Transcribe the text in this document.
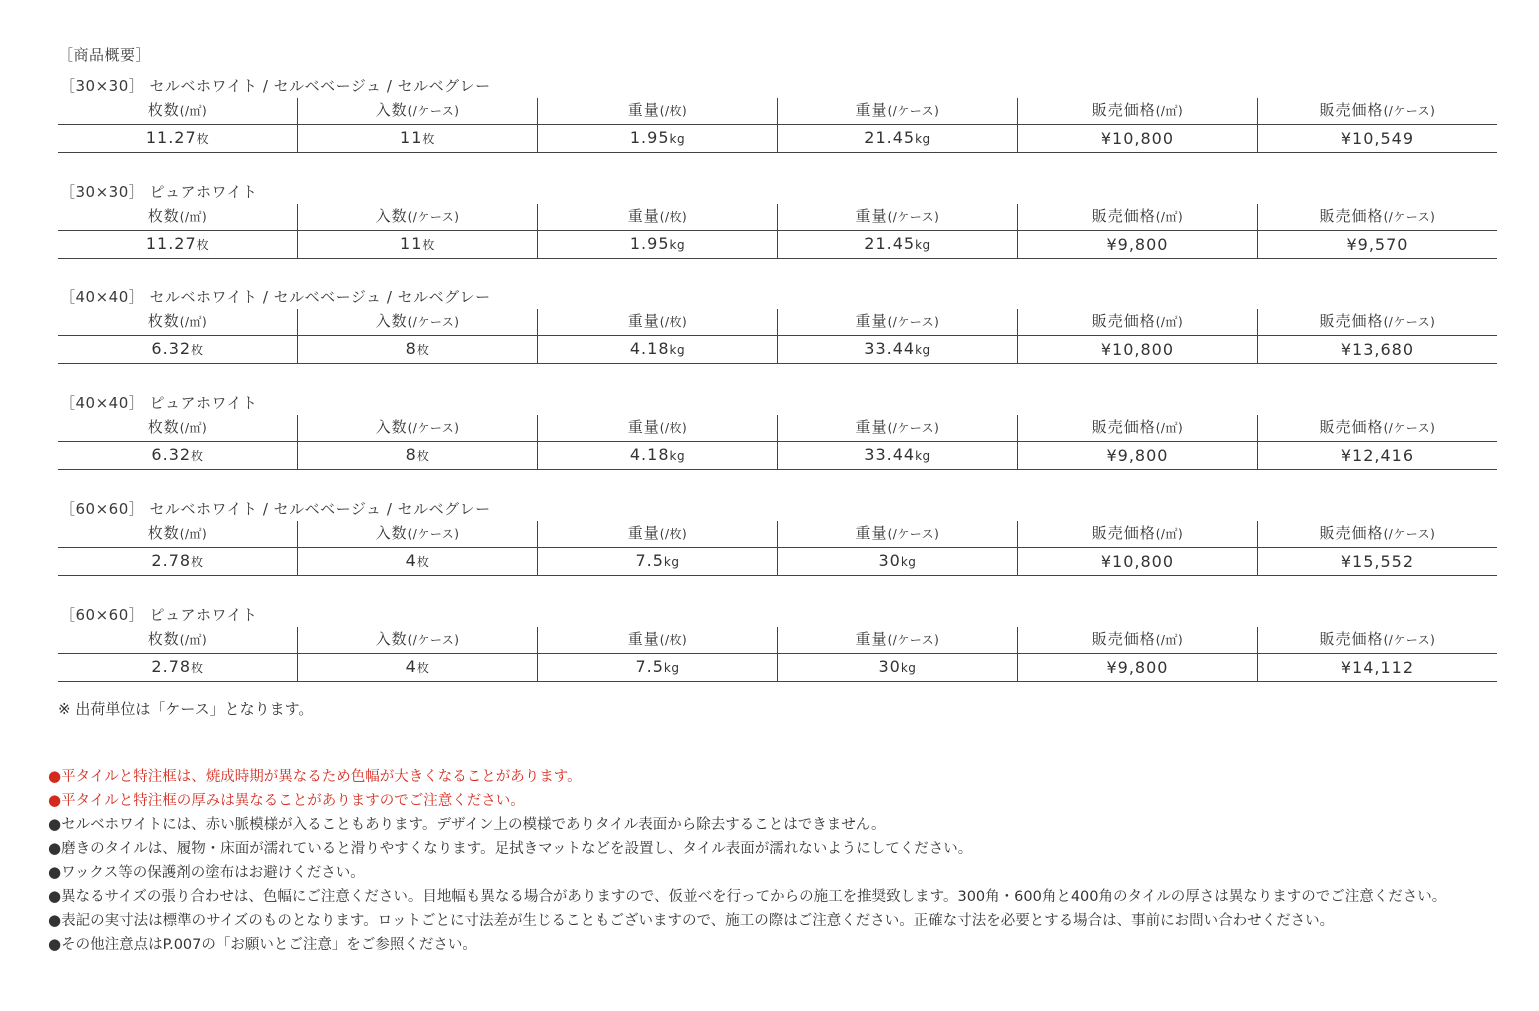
［商品概要］
［30×30］ セルベホワイト / セルベベージュ / セルベグレー
枚数(/㎡)	入数(/ケース)	重量(/枚)	重量(/ケース)	販売価格(/㎡)	販売価格(/ケース)
11.27枚	11枚	1.95kg	21.45kg	¥10,800	¥10,549
［30×30］ ピュアホワイト
枚数(/㎡)	入数(/ケース)	重量(/枚)	重量(/ケース)	販売価格(/㎡)	販売価格(/ケース)
11.27枚	11枚	1.95kg	21.45kg	¥9,800	¥9,570
［40×40］ セルベホワイト / セルベベージュ / セルベグレー
枚数(/㎡)	入数(/ケース)	重量(/枚)	重量(/ケース)	販売価格(/㎡)	販売価格(/ケース)
6.32枚	8枚	4.18kg	33.44kg	¥10,800	¥13,680
［40×40］ ピュアホワイト
枚数(/㎡)	入数(/ケース)	重量(/枚)	重量(/ケース)	販売価格(/㎡)	販売価格(/ケース)
6.32枚	8枚	4.18kg	33.44kg	¥9,800	¥12,416
［60×60］ セルベホワイト / セルベベージュ / セルベグレー
枚数(/㎡)	入数(/ケース)	重量(/枚)	重量(/ケース)	販売価格(/㎡)	販売価格(/ケース)
2.78枚	4枚	7.5kg	30kg	¥10,800	¥15,552
［60×60］ ピュアホワイト
枚数(/㎡)	入数(/ケース)	重量(/枚)	重量(/ケース)	販売価格(/㎡)	販売価格(/ケース)
2.78枚	4枚	7.5kg	30kg	¥9,800	¥14,112
※ 出荷単位は「ケース」となります。
●平タイルと特注框は、焼成時期が異なるため色幅が大きくなることがあります。
●平タイルと特注框の厚みは異なることがありますのでご注意ください。
●セルベホワイトには、赤い脈模様が入ることもあります。デザイン上の模様でありタイル表面から除去することはできません。
●磨きのタイルは、履物・床面が濡れていると滑りやすくなります。足拭きマットなどを設置し、タイル表面が濡れないようにしてください。
●ワックス等の保護剤の塗布はお避けください。
●異なるサイズの張り合わせは、色幅にご注意ください。目地幅も異なる場合がありますので、仮並べを行ってからの施工を推奨致します。300角・600角と400角のタイルの厚さは異なりますのでご注意ください。
●表記の実寸法は標準のサイズのものとなります。ロットごとに寸法差が生じることもございますので、施工の際はご注意ください。正確な寸法を必要とする場合は、事前にお問い合わせください。
●その他注意点はP.007の「お願いとご注意」をご参照ください。
